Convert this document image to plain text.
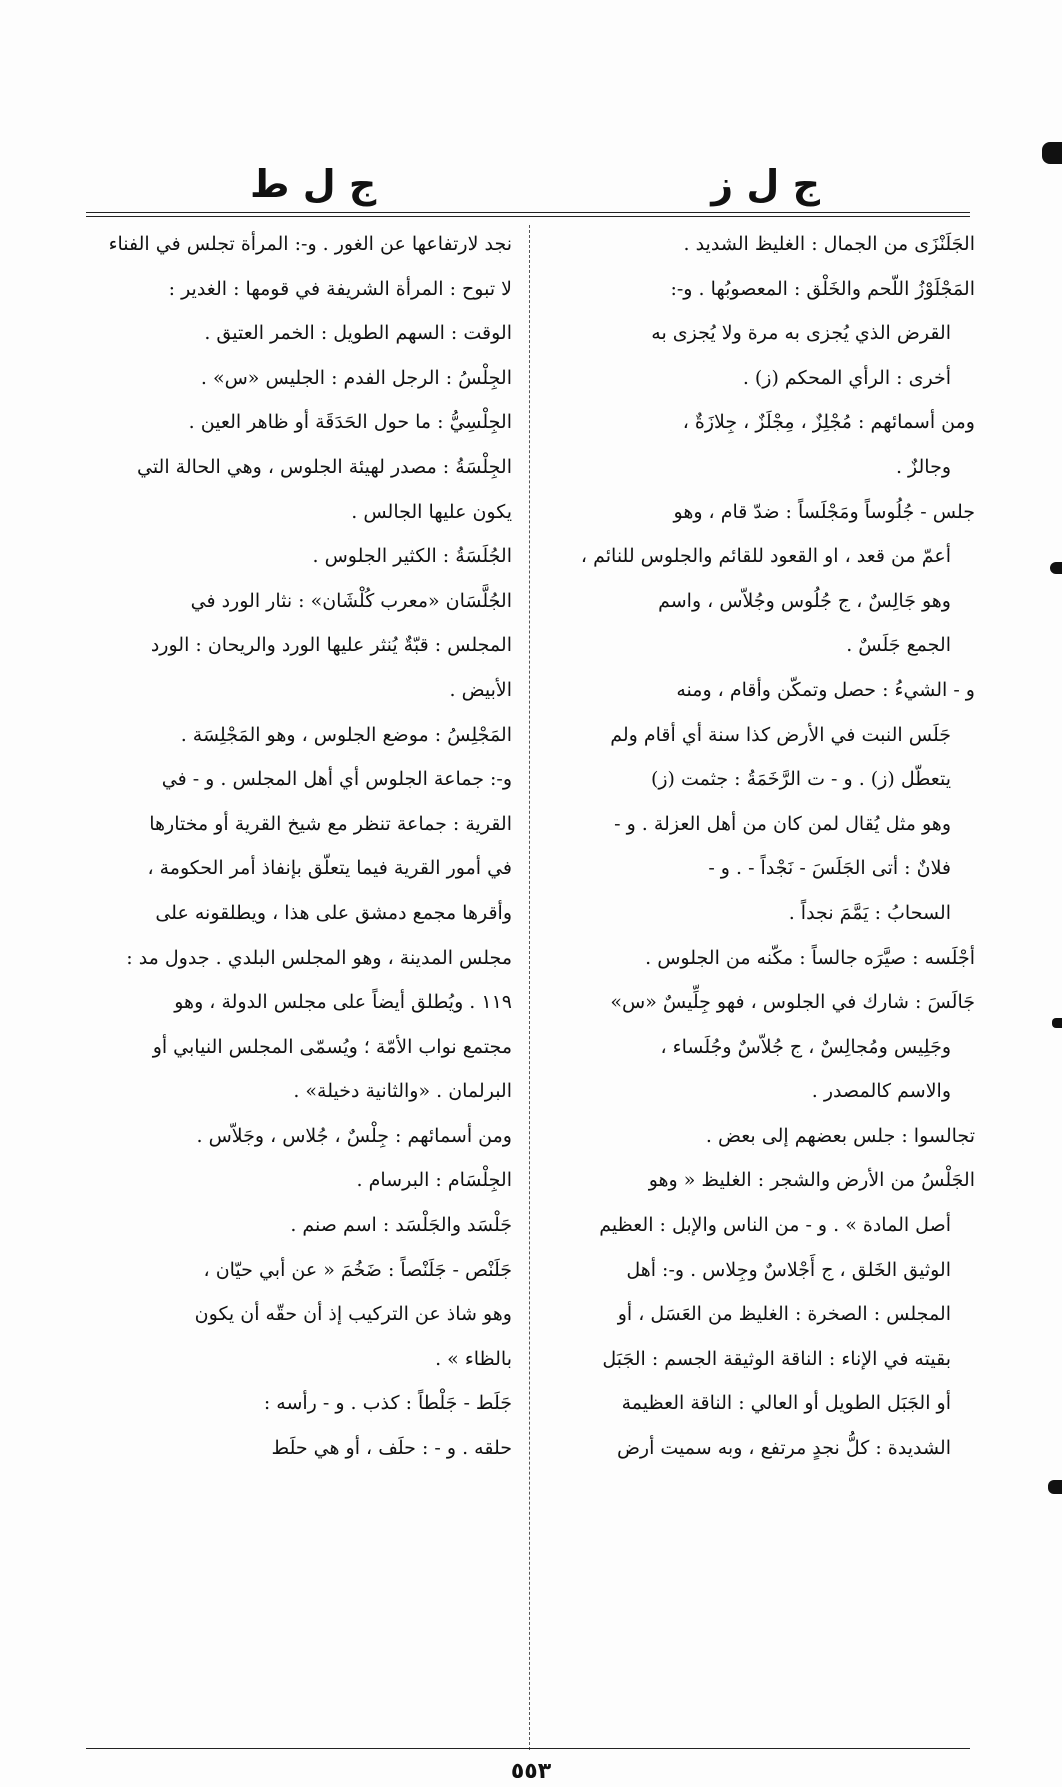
ج ل ز
ج ل ط
الجَلَنْزَى من الجمال : الغليظ الشديد .
المَجْلَوْزُ اللّحم والخَلْق : المعصوبُها . و-:
القرض الذي يُجزى به مرة ولا يُجزى به
أخرى : الرأي المحكم (ز) .
ومن أسمائهم : مُجْلِزٌ ، مِجْلَزٌ ، جِلازَةٌ ،
وجالزٌ .
جلس - جُلُوساً ومَجْلَساً : ضدّ قام ، وهو
أعمّ من قعد ، او القعود للقائم والجلوس للنائم ،
وهو جَالِسٌ ، ج جُلُوس وجُلاّس ، واسم
الجمع جَلَسٌ .
و - الشيءُ : حصل وتمكّن وأقام ، ومنه
جَلَس النبت في الأرض كذا سنة أي أقام ولم
يتعطّل (ز) . و - ت الرَّخَمَةُ : جثمت (ز)
وهو مثل يُقال لمن كان من أهل العزلة . و -
فلانٌ : أتى الجَلَسَ - نَجْداً - . و -
السحابُ : يَمَّمَ نجداً .
أجْلَسه : صيَّرَه جالساً : مكّنه من الجلوس .
جَالَسَ : شارك في الجلوس ، فهو جِلِّيسٌ «س»
وجَلِيس ومُجالِسٌ ، ج جُلاّسٌ وجُلَساء ،
والاسم كالمصدر .
تجالسوا : جلس بعضهم إلى بعض .
الجَلْسُ من الأرض والشجر : الغليظ « وهو
أصل المادة » . و - من الناس والإبل : العظيم
الوثيق الخَلق ، ج أَجْلاسٌ وجِلاس . و-: أهل
المجلس : الصخرة : الغليظ من العَسَل ، أو
بقيته في الإناء : الناقة الوثيقة الجسم : الجَبَل
أو الجَبَل الطويل أو العالي : الناقة العظيمة
الشديدة : كلُّ نجدٍ مرتفع ، وبه سميت أرض
نجد لارتفاعها عن الغور . و-: المرأة تجلس في الفناء
لا تبوح : المرأة الشريفة في قومها : الغدير :
الوقت : السهم الطويل : الخمر العتيق .
الجِلْسُ : الرجل الفدم : الجليس «س» .
الجِلْسِيُّ : ما حول الحَدَقَة أو ظاهر العين .
الجِلْسَةُ : مصدر لهيئة الجلوس ، وهي الحالة التي
يكون عليها الجالس .
الجُلَسَةُ : الكثير الجلوس .
الجُلَّسَان «معرب كُلْشَان» : نثار الورد في
المجلس : قبّةٌ يُنثر عليها الورد والريحان : الورد
الأبيض .
المَجْلِسُ : موضع الجلوس ، وهو المَجْلِسَة .
و-: جماعة الجلوس أي أهل المجلس . و - في
القرية : جماعة تنظر مع شيخ القرية أو مختارها
في أمور القرية فيما يتعلّق بإنفاذ أمر الحكومة ،
وأقرها مجمع دمشق على هذا ، ويطلقونه على
مجلس المدينة ، وهو المجلس البلدي . جدول مد :
١١٩ . ويُطلق أيضاً على مجلس الدولة ، وهو
مجتمع نواب الأمّة ؛ ويُسمّى المجلس النيابي أو
البرلمان . «والثانية دخيلة» .
ومن أسمائهم : جِلْسٌ ، جُلاس ، وجَلاّس .
الجِلْسَام : البرسام .
جَلْسَد والجَلْسَد : اسم صنم .
جَلَنْص - جَلَنْصاً : ضَخُمَ « عن أبي حيّان ،
وهو شاذ عن التركيب إذ أن حقّه أن يكون
بالظاء » .
جَلَط - جَلْطاً : كذب . و - رأسه :
حلقه . و - : حلَف ، أو هي حلَط
٥٥٣
